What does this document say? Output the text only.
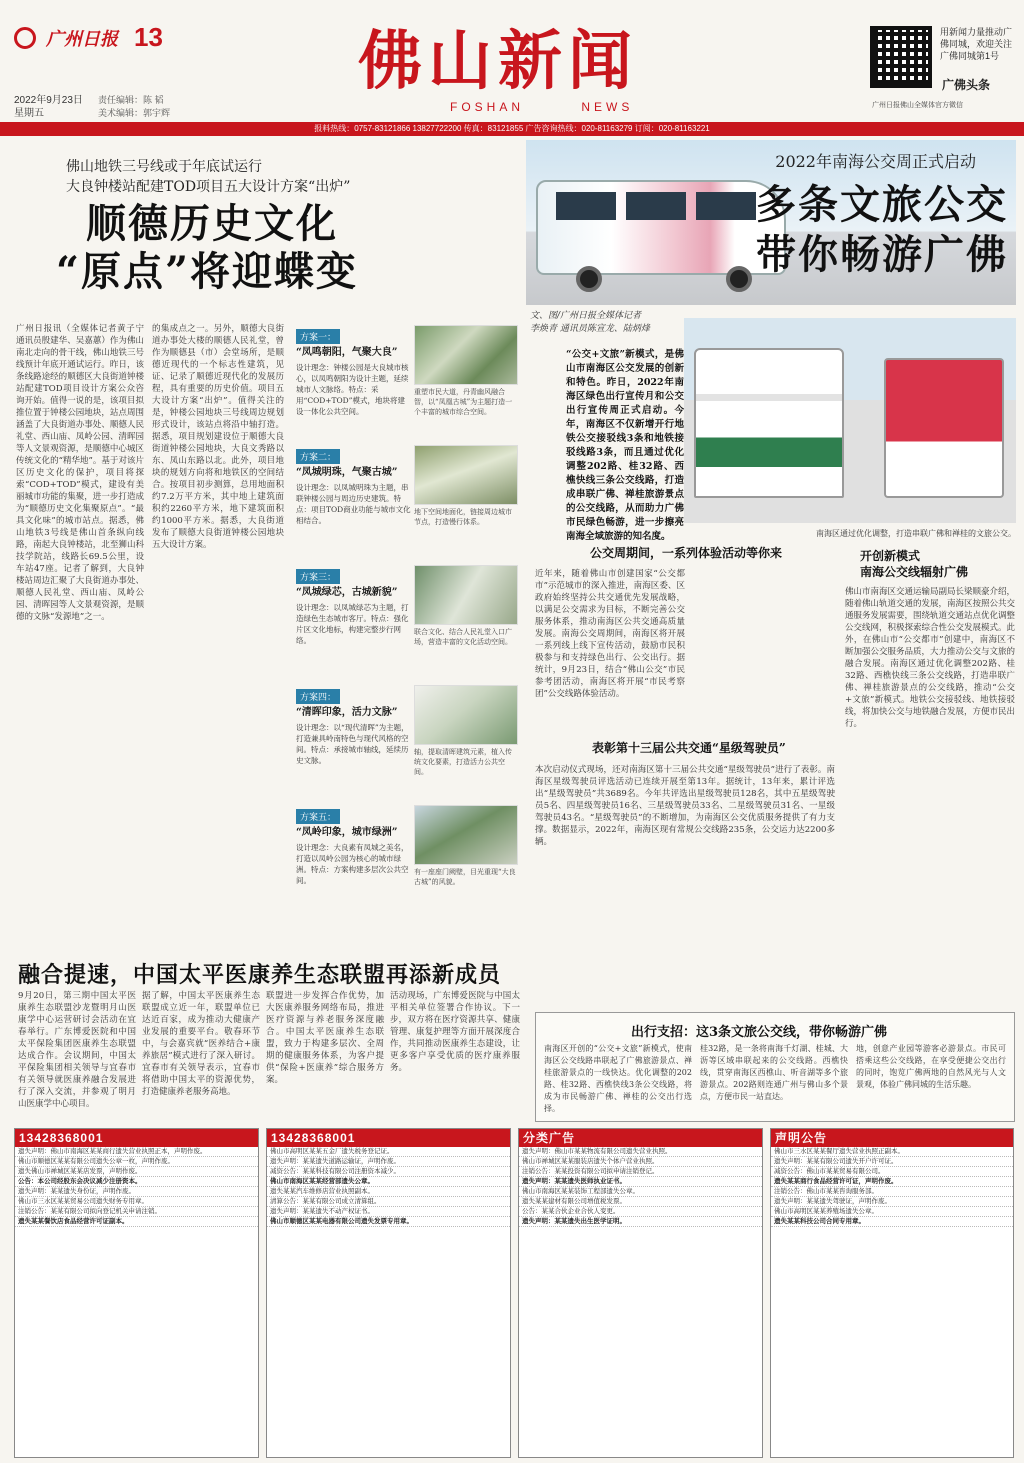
广州日报 13
2022年9月23日
星期五
责任编辑：陈 韬
美术编辑：郭宇辉
佛山新闻
FOSHAN	NEWS
用新闻力量推动广佛同城，欢迎关注广佛同城第1号
广佛头条
广州日报佛山全媒体官方微信
报料热线：0757-83121866 13827722200 传真：83121855 广告咨询热线：020-81163279 订阅：020-81163221
佛山地铁三号线或于年底试运行
大良钟楼站配建TOD项目五大设计方案“出炉”
顺德历史文化
“原点”将迎蝶变
广州日报讯（全媒体记者黄子宁 通讯员殷建华、吴嘉蕙）作为佛山南北走向的骨干线，佛山地铁三号线预计年底开通试运行。昨日，该条线路途经的顺德区大良街道钟楼站配建TOD项目设计方案公众咨询开始。值得一说的是，该项目拟推位置于钟楼公园地块，站点周围涵盖了大良街道办事处、顺德人民礼堂、西山庙、凤岭公园、清晖园等人文景观资源，是顺德中心城区传统文化的“精华地”。基于对该片区历史文化的保护，项目将探索“COD+TOD”模式，建设有美丽城市功能的集聚，进一步打造成为“顺德历史文化集聚原点”。“最具文化味”的城市站点。据悉，佛山地铁3号线是佛山首条纵向线路，南起大良钟楼站，北至狮山科技学院站，线路长69.5公里，设车站47座。记者了解到，大良钟楼站周边汇聚了大良街道办事处、顺德人民礼堂、西山庙、凤岭公园、清晖园等人文景观资源，是顺德的文脉“发源地”之一。
的集成点之一。另外，顺德大良街道办事处大楼的顺德人民礼堂，曾作为顺德县（市）会堂场所，是顺德近现代的一个标志性建筑，见证、记录了顺德近现代化的发展历程，具有重要的历史价值。项目五大设计方案“出炉”。值得关注的是，钟楼公园地块三号线周边规划形式设计，该站点将沿中轴打造。据悉，项目规划建设位于顺德大良街道钟楼公园地块，大良文秀路以东、凤山东路以北。此外，项目地块的规划方向将和地铁区的空间结合。按项目初步测算，总用地面积约7.2万平方米，其中地上建筑面积约2260平方米，地下建筑面积约1000平方米。据悉，大良街道发布了顺德大良街道钟楼公园地块五大设计方案。
方案一：
“凤鸣朝阳，气聚大良”
设计理念：钟楼公园是大良城市核心，以凤鸣朝阳为设计主题，延续城市人文脉络。特点：采用“COD+TOD”模式，地块将建设一体化公共空间。
重塑市民大道，丹青幽风融合智，以“凤凰古城”为主题打造一个丰富的城市综合空间。
方案二：
“凤城明珠，气聚古城”
设计理念：以凤城明珠为主题，串联钟楼公园与周边历史建筑。特点：项目TOD商业功能与城市文化相结合。
地下空间地面化，链接周边城市节点，打造慢行体系。
方案三：
“凤城绿芯，古城新貌”
设计理念：以凤城绿芯为主题，打造绿色生态城市客厅。特点：强化片区文化地标，构建完整步行网络。
联合文化、结合人民礼堂入口广场，营造丰富的文化活动空间。
方案四：
“清晖印象，活力文脉”
设计理念：以“现代清晖”为主题，打造兼具岭南特色与现代风格的空间。特点：承接城市轴线，延续历史文脉。
轴，提取清晖建筑元素，植入传统文化要素，打造活力公共空间。
方案五：
“凤岭印象，城市绿洲”
设计理念：大良素有凤城之美名，打造以凤岭公园为核心的城市绿洲。特点：方案构建多层次公共空间。
有一座座门阙壁，目光重现“大良古城”的风貌。
2022年南海公交周正式启动
多条文旅公交
带你畅游广佛
文、图/广州日报全媒体记者
李焕青 通讯员陈宣龙、陆炳烽
“公交+文旅”新模式，是佛山市南海区公交发展的创新和特色。昨日，2022年南海区绿色出行宣传月和公交出行宣传周正式启动。今年，南海区不仅新增开行地铁公交接驳线3条和地铁接驳线路3条，而且通过优化调整202路、桂32路、西樵快线三条公交线路，打造成串联广佛、禅桂旅游景点的公交线路，从而助力广佛市民绿色畅游，进一步擦亮南海全域旅游的知名度。	南海区通过优化调整，打造串联广佛和禅桂的文旅公交。
公交周期间，一系列体验活动等你来
近年来，随着佛山市创建国家“公交都市”示范城市的深入推进，南海区委、区政府始终坚持公共交通优先发展战略，以满足公交需求为目标，不断完善公交服务体系，推动南海区公共交通高质量发展。南海公交周期间，南海区将开展一系列线上线下宣传活动，鼓励市民积极参与和支持绿色出行、公交出行。据统计，9月23日，结合“佛山公交”市民参考团活动，南海区将开展“市民考察团”公交线路体验活动。
表彰第十三届公共交通“星级驾驶员”
本次启动仪式现场，还对南海区第十三届公共交通“星级驾驶员”进行了表彰。南海区星级驾驶员评选活动已连续开展至第13年。据统计，13年来，累计评选出“星级驾驶员”共3689名。今年共评选出星级驾驶员128名，其中五星级驾驶员5名、四星级驾驶员16名、三星级驾驶员33名、二星级驾驶员31名、一星级驾驶员43名。“星级驾驶员”的不断增加，为南海区公交优质服务提供了有力支撑。数据显示，2022年，南海区现有常规公交线路235条，公交运力达2200多辆。
开创新模式
南海公交线辐射广佛
佛山市南海区交通运输局副局长梁顺豪介绍，随着佛山轨道交通的发展，南海区按照公共交通服务发展需要，围绕轨道交通站点优化调整公交线网，积极探索综合性公交发展模式。此外，在佛山市“公交都市”创建中，南海区不断加强公交服务品质，大力推动公交与文旅的融合发展。南海区通过优化调整202路、桂32路、西樵快线三条公交线路，打造串联广佛、禅桂旅游景点的公交线路，推动“公交+文旅”新模式。地铁公交接驳线、地铁接驳线，将加快公交与地铁融合发展，方便市民出行。
融合提速，中国太平医康养生态联盟再添新成员
9月20日，第三期中国太平医康养生态联盟沙龙暨明月山医康学中心运营研讨会活动在宜春举行。广东博爱医院和中国太平保险集团医康养生态联盟达成合作。会议期间，中国太平保险集团相关领导与宜春市有关领导就医康养融合发展进行了深入交流，并参观了明月山医康学中心项目。
据了解，中国太平医康养生态联盟成立近一年，联盟单位已达近百家，成为推动大健康产业发展的重要平台。敬春环节中，与会嘉宾就“医养结合+康养旅居”模式进行了深入研讨。宜春市有关领导表示，宜春市将借助中国太平的资源优势，打造健康养老服务高地。
联盟进一步发挥合作优势，加大医康养服务网络布局，推进医疗资源与养老服务深度融合。中国太平医康养生态联盟，致力于构建多层次、全周期的健康服务体系，为客户提供“保险+医康养”综合服务方案。
活动现场，广东博爱医院与中国太平相关单位签署合作协议。下一步，双方将在医疗资源共享、健康管理、康复护理等方面开展深度合作，共同推动医康养生态建设，让更多客户享受优质的医疗康养服务。
出行支招：这3条文旅公交线，带你畅游广佛
南海区开创的“公交+文旅”新模式，使南海区公交线路串联起了广佛旅游景点、禅桂旅游景点的一线快达。优化调整的202路、桂32路、西樵快线3条公交线路，将成为市民畅游广佛、禅桂的公交出行选择。
桂32路，是一条将南海千灯湖、桂城、大沥等区域串联起来的公交线路。西樵快线，贯穿南海区西樵山、听音湖等多个旅游景点。202路则连通广州与佛山多个景点，方便市民一站直达。
地，创意产业园等游客必游景点。市民可搭乘这些公交线路，在享受便捷公交出行的同时，饱览广佛两地的自然风光与人文景观，体验广佛同城的生活乐趣。
13428368001
遗失声明：佛山市南海区某某商行遗失营业执照正本，声明作废。
佛山市顺德区某某有限公司遗失公章一枚，声明作废。
遗失佛山市禅城区某某店发票，声明作废。
公告：本公司经股东会决议减少注册资本。
遗失声明：某某遗失身份证，声明作废。
佛山市三水区某某贸易公司遗失财务专用章。
注销公告：某某有限公司拟向登记机关申请注销。
遗失某某餐饮店食品经营许可证副本。
13428368001
佛山市高明区某某五金厂遗失税务登记证。
遗失声明：某某遗失道路运输证，声明作废。
减资公告：某某科技有限公司注册资本减少。
佛山市南海区某某经营部遗失公章。
遗失某某汽车维修店营业执照副本。
清算公告：某某有限公司成立清算组。
遗失声明：某某遗失不动产权证书。
佛山市顺德区某某电器有限公司遗失发票专用章。
分类广告
遗失声明：佛山市某某物流有限公司遗失营业执照。
佛山市禅城区某某服装店遗失个体户营业执照。
注销公告：某某投资有限公司拟申请注销登记。
遗失声明：某某遗失医师执业证书。
佛山市南海区某某装饰工程部遗失公章。
遗失某某建材有限公司增值税发票。
公告：某某合伙企业合伙人变更。
遗失声明：某某遗失出生医学证明。
声明公告
佛山市三水区某某餐厅遗失营业执照正副本。
遗失声明：某某有限公司遗失开户许可证。
减资公告：佛山市某某贸易有限公司。
遗失某某商行食品经营许可证，声明作废。
注销公告：佛山市某某咨询服务部。
遗失声明：某某遗失驾驶证，声明作废。
佛山市高明区某某养殖场遗失公章。
遗失某某科技公司合同专用章。
